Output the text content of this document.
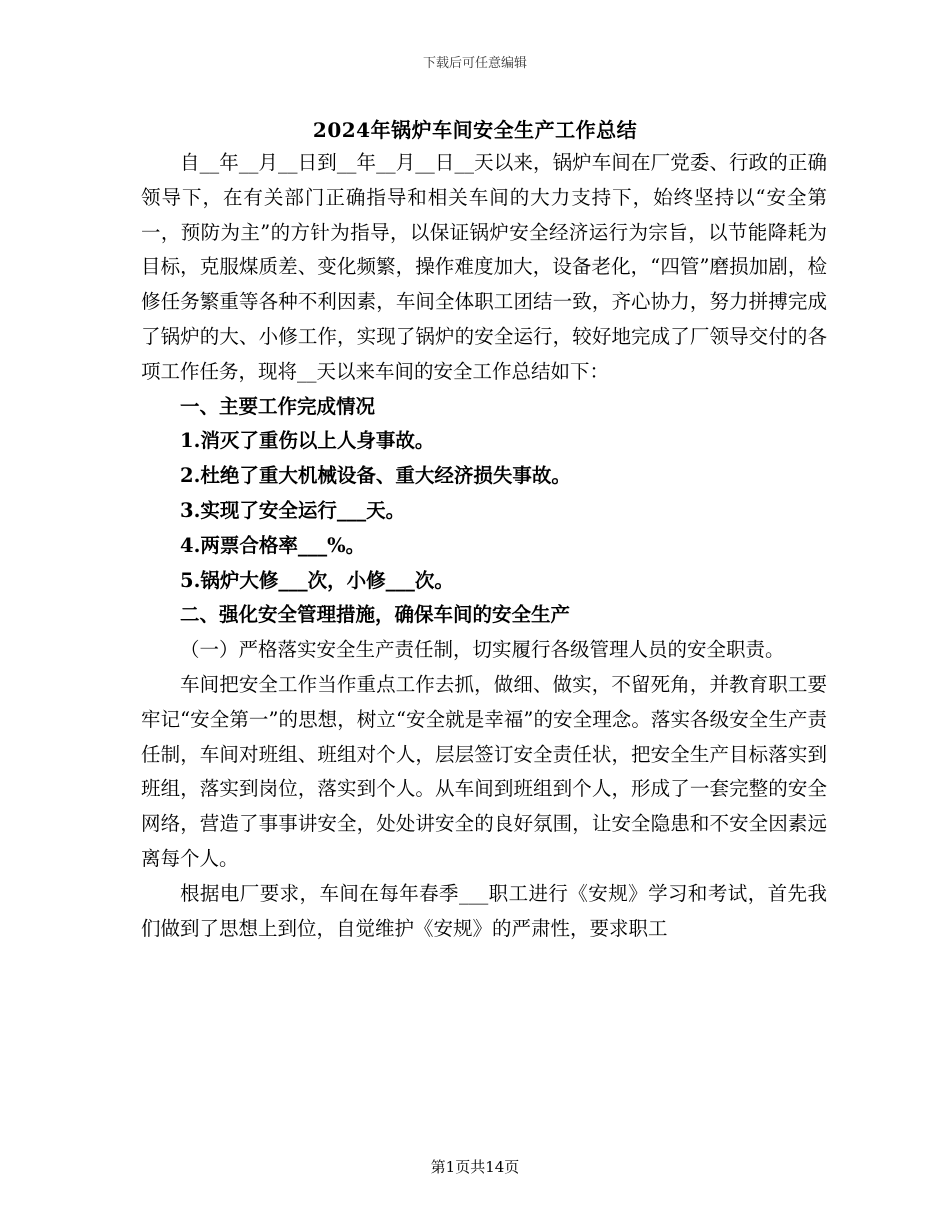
下载后可任意编辑
2024年锅炉车间安全生产工作总结

自__年__月__日到__年__月__日__天以来，锅炉车间在厂党委、行政的正确领导下，在有关部门正确指导和相关车间的大力支持下，始终坚持以“安全第一，预防为主”的方针为指导，以保证锅炉安全经济运行为宗旨，以节能降耗为目标，克服煤质差、变化频繁，操作难度加大，设备老化，“四管”磨损加剧，检修任务繁重等各种不利因素，车间全体职工团结一致，齐心协力，努力拼搏完成了锅炉的大、小修工作，实现了锅炉的安全运行，较好地完成了厂领导交付的各项工作任务，现将__天以来车间的安全工作总结如下：

一、主要工作完成情况

1.消灭了重伤以上人身事故。

2.杜绝了重大机械设备、重大经济损失事故。

3.实现了安全运行___天。

4.两票合格率___%。

5.锅炉大修___次，小修___次。

二、强化安全管理措施，确保车间的安全生产

（一）严格落实安全生产责任制，切实履行各级管理人员的安全职责。

车间把安全工作当作重点工作去抓，做细、做实，不留死角，并教育职工要牢记“安全第一”的思想，树立“安全就是幸福”的安全理念。落实各级安全生产责任制，车间对班组、班组对个人，层层签订安全责任状，把安全生产目标落实到班组，落实到岗位，落实到个人。从车间到班组到个人，形成了一套完整的安全网络，营造了事事讲安全，处处讲安全的良好氛围，让安全隐患和不安全因素远离每个人。

根据电厂要求，车间在每年春季___职工进行《安规》学习和考试，首先我们做到了思想上到位，自觉维护《安规》的严肃性，要求职工

第1页共14页
